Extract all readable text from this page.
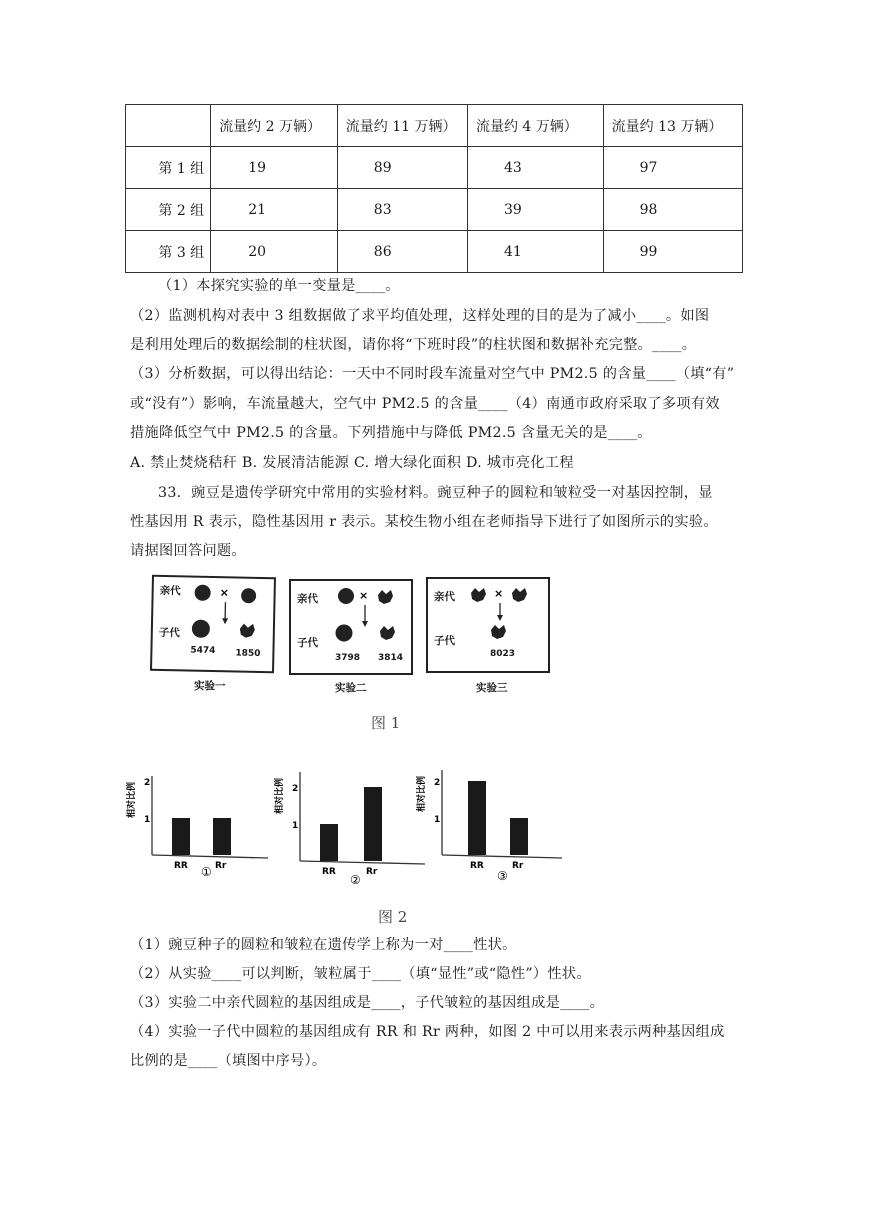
	流量约 2 万辆）	流量约 11 万辆）	流量约 4 万辆）	流量约 13 万辆）
第 1 组	19	89	43	97
第 2 组	21	83	39	98
第 3 组	20	86	41	99
（1）本探究实验的单一变量是____。
（2）监测机构对表中 3 组数据做了求平均值处理，这样处理的目的是为了减小____。如图
是利用处理后的数据绘制的柱状图，请你将“下班时段”的柱状图和数据补充完整。____。
（3）分析数据，可以得出结论：一天中不同时段车流量对空气中 PM2.5 的含量____（填“有”
或“没有”）影响，车流量越大，空气中 PM2.5 的含量____（4）南通市政府采取了多项有效
措施降低空气中 PM2.5 的含量。下列措施中与降低 PM2.5 含量无关的是____。
A. 禁止焚烧秸秆 B. 发展清洁能源 C. 增大绿化面积 D. 城市亮化工程
33．豌豆是遗传学研究中常用的实验材料。豌豆种子的圆粒和皱粒受一对基因控制，显
性基因用 R 表示，隐性基因用 r 表示。某校生物小组在老师指导下进行了如图所示的实验。
请据图回答问题。
亲代	×
子代
5474 1850
实验一
亲代	×
子代
3798 3814
实验二
亲代	×
子代
8023
实验三
图 1
1
2
相对比例
RR	Rr
①
1
2
相对比例
RR	Rr
②
1
2
相对比例
RR	Rr
③
图 2
（1）豌豆种子的圆粒和皱粒在遗传学上称为一对____性状。
（2）从实验____可以判断，皱粒属于____（填“显性”或“隐性”）性状。
（3）实验二中亲代圆粒的基因组成是____，子代皱粒的基因组成是____。
（4）实验一子代中圆粒的基因组成有 RR 和 Rr 两种，如图 2 中可以用来表示两种基因组成
比例的是____（填图中序号）。
